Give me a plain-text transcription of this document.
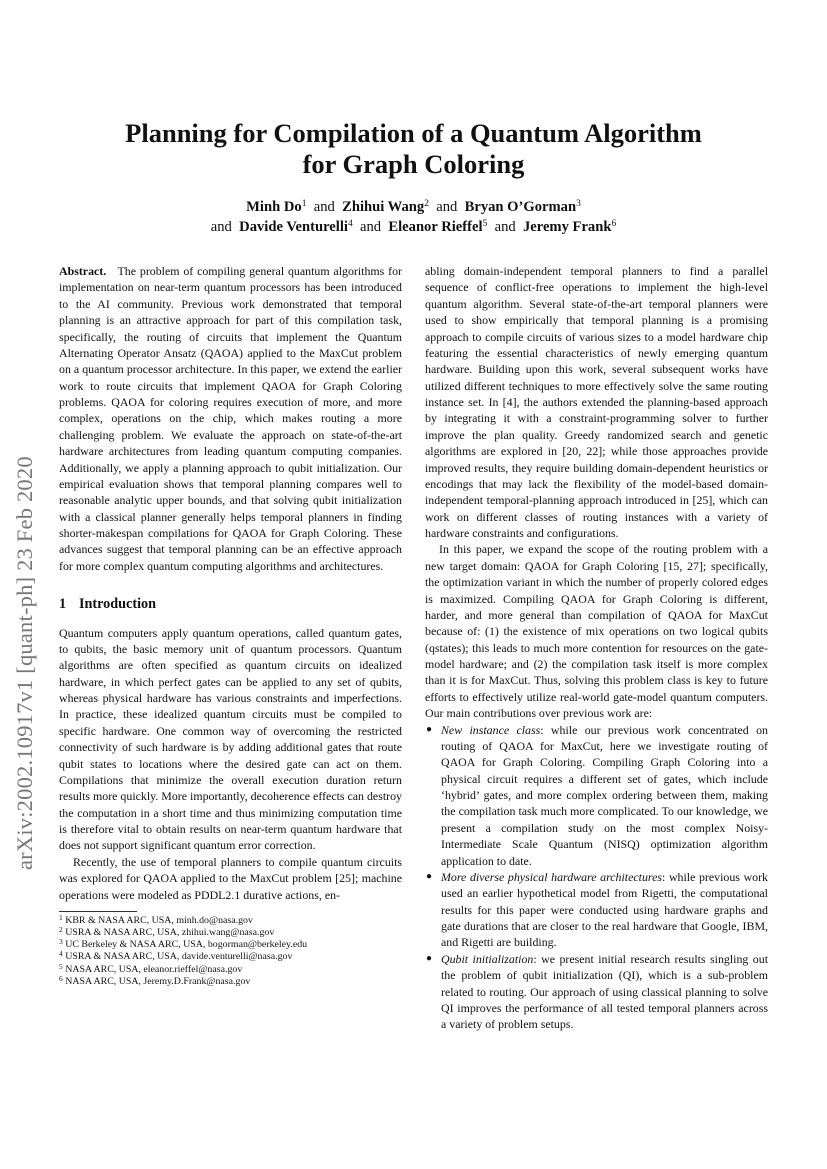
arXiv:2002.10917v1 [quant-ph] 23 Feb 2020
Planning for Compilation of a Quantum Algorithm
for Graph Coloring
Minh Do$^1$ and Zhihui Wang$^2$ and Bryan O’Gorman$^3$
and Davide Venturelli$^4$ and Eleanor Rieffel$^5$ and Jeremy Frank$^6$

Abstract. The problem of compiling general quantum algorithms for implementation on near-term quantum processors has been introduced to the AI community. Previous work demonstrated that temporal planning is an attractive approach for part of this compilation task, specifically, the routing of circuits that implement the Quantum Alternating Operator Ansatz (QAOA) applied to the MaxCut problem on a quantum processor architecture. In this paper, we extend the earlier work to route circuits that implement QAOA for Graph Coloring problems. QAOA for coloring requires execution of more, and more complex, operations on the chip, which makes routing a more challenging problem. We evaluate the approach on state-of-the-art hardware architectures from leading quantum computing companies. Additionally, we apply a planning approach to qubit initialization. Our empirical evaluation shows that temporal planning compares well to reasonable analytic upper bounds, and that solving qubit initialization with a classical planner generally helps temporal planners in finding shorter-makespan compilations for QAOA for Graph Coloring. These advances suggest that temporal planning can be an effective approach for more complex quantum computing algorithms and architectures.

1 Introduction

Quantum computers apply quantum operations, called quantum gates, to qubits, the basic memory unit of quantum processors. Quantum algorithms are often specified as quantum circuits on idealized hardware, in which perfect gates can be applied to any set of qubits, whereas physical hardware has various constraints and imperfections. In practice, these idealized quantum circuits must be compiled to specific hardware. One common way of overcoming the restricted connectivity of such hardware is by adding additional gates that route qubit states to locations where the desired gate can act on them. Compilations that minimize the overall execution duration return results more quickly. More importantly, decoherence effects can destroy the computation in a short time and thus minimizing computation time is therefore vital to obtain results on near-term quantum hardware that does not support significant quantum error correction.

Recently, the use of temporal planners to compile quantum circuits was explored for QAOA applied to the MaxCut problem [25]; machine operations were modeled as PDDL2.1 durative actions, en-

$^1$ KBR & NASA ARC, USA, minh.do@nasa.gov
$^2$ USRA & NASA ARC, USA, zhihui.wang@nasa.gov
$^3$ UC Berkeley & NASA ARC, USA, bogorman@berkeley.edu
$^4$ USRA & NASA ARC, USA, davide.venturelli@nasa.gov
$^5$ NASA ARC, USA, eleanor.rieffel@nasa.gov
$^6$ NASA ARC, USA, Jeremy.D.Frank@nasa.gov

abling domain-independent temporal planners to find a parallel sequence of conflict-free operations to implement the high-level quantum algorithm. Several state-of-the-art temporal planners were used to show empirically that temporal planning is a promising approach to compile circuits of various sizes to a model hardware chip featuring the essential characteristics of newly emerging quantum hardware. Building upon this work, several subsequent works have utilized different techniques to more effectively solve the same routing instance set. In [4], the authors extended the planning-based approach by integrating it with a constraint-programming solver to further improve the plan quality. Greedy randomized search and genetic algorithms are explored in [20, 22]; while those approaches provide improved results, they require building domain-dependent heuristics or encodings that may lack the flexibility of the model-based domain-independent temporal-planning approach introduced in [25], which can work on different classes of routing instances with a variety of hardware constraints and configurations.

In this paper, we expand the scope of the routing problem with a new target domain: QAOA for Graph Coloring [15, 27]; specifically, the optimization variant in which the number of properly colored edges is maximized. Compiling QAOA for Graph Coloring is different, harder, and more general than compilation of QAOA for MaxCut because of: (1) the existence of mix operations on two logical qubits (qstates); this leads to much more contention for resources on the gate-model hardware; and (2) the compilation task itself is more complex than it is for MaxCut. Thus, solving this problem class is key to future efforts to effectively utilize real-world gate-model quantum computers. Our main contributions over previous work are:

● New instance class: while our previous work concentrated on routing of QAOA for MaxCut, here we investigate routing of QAOA for Graph Coloring. Compiling Graph Coloring into a physical circuit requires a different set of gates, which include ‘hybrid’ gates, and more complex ordering between them, making the compilation task much more complicated. To our knowledge, we present a compilation study on the most complex Noisy-Intermediate Scale Quantum (NISQ) optimization algorithm application to date.
● More diverse physical hardware architectures: while previous work used an earlier hypothetical model from Rigetti, the computational results for this paper were conducted using hardware graphs and gate durations that are closer to the real hardware that Google, IBM, and Rigetti are building.
● Qubit initialization: we present initial research results singling out the problem of qubit initialization (QI), which is a sub-problem related to routing. Our approach of using classical planning to solve QI improves the performance of all tested temporal planners across a variety of problem setups.
